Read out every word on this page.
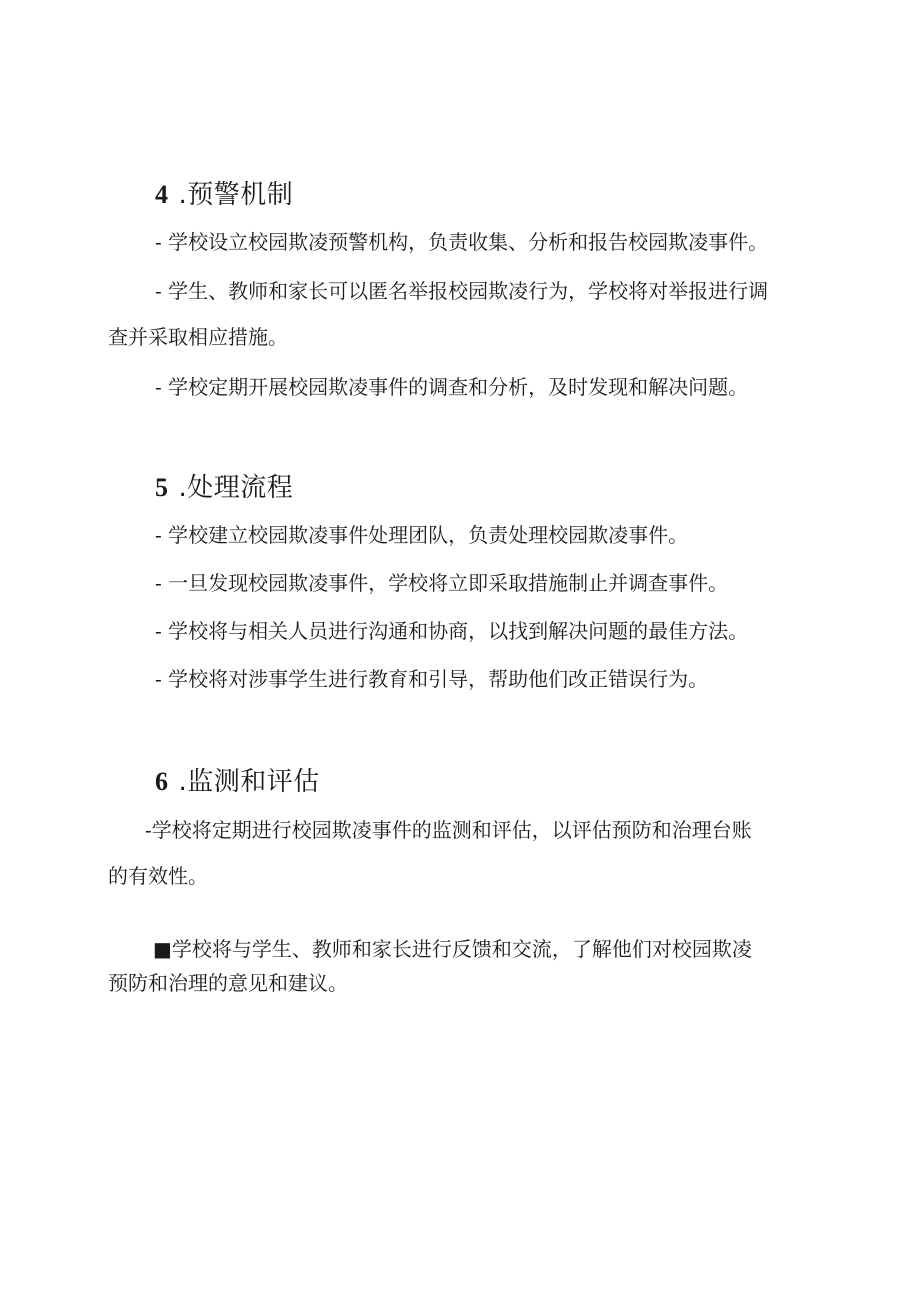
4 .预警机制

- 学校设立校园欺凌预警机构，负责收集、分析和报告校园欺凌事件。

- 学生、教师和家长可以匿名举报校园欺凌行为，学校将对举报进行调
查并采取相应措施。

- 学校定期开展校园欺凌事件的调查和分析，及时发现和解决问题。

5 .处理流程

- 学校建立校园欺凌事件处理团队，负责处理校园欺凌事件。

- 一旦发现校园欺凌事件，学校将立即采取措施制止并调查事件。

- 学校将与相关人员进行沟通和协商，以找到解决问题的最佳方法。

- 学校将对涉事学生进行教育和引导，帮助他们改正错误行为。

6 .监测和评估

-学校将定期进行校园欺凌事件的监测和评估，以评估预防和治理台账
的有效性。

■学校将与学生、教师和家长进行反馈和交流，了解他们对校园欺凌
预防和治理的意见和建议。
